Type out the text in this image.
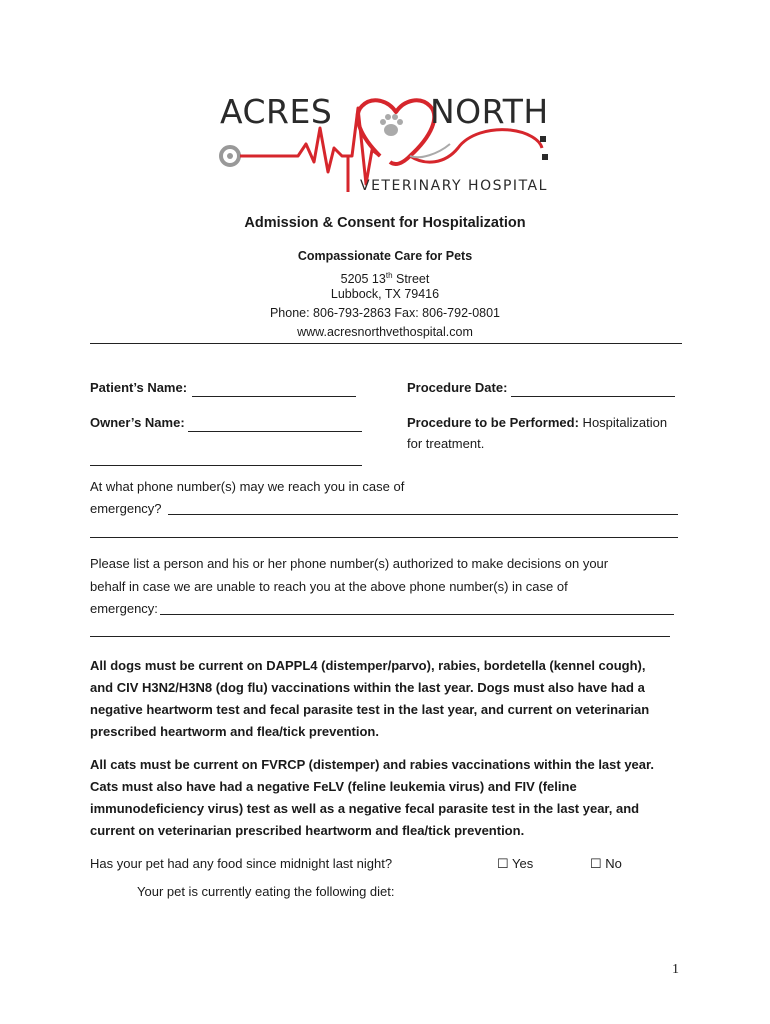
ACRES	NORTH
VETERINARY HOSPITAL
Admission & Consent for Hospitalization
Compassionate Care for Pets
5205 13th Street
Lubbock, TX 79416
Phone: 806-793-2863 Fax: 806-792-0801
www.acresnorthvethospital.com
Patient’s Name:	Procedure Date:
Owner’s Name:	Procedure to be Performed: Hospitalization
for treatment.
At what phone number(s) may we reach you in case of
emergency?
Please list a person and his or her phone number(s) authorized to make decisions on your
behalf in case we are unable to reach you at the above phone number(s) in case of
emergency:
All dogs must be current on DAPPL4 (distemper/parvo), rabies, bordetella (kennel cough),
and CIV H3N2/H3N8 (dog flu) vaccinations within the last year. Dogs must also have had a
negative heartworm test and fecal parasite test in the last year, and current on veterinarian
prescribed heartworm and flea/tick prevention.
All cats must be current on FVRCP (distemper) and rabies vaccinations within the last year.
Cats must also have had a negative FeLV (feline leukemia virus) and FIV (feline
immunodeficiency virus) test as well as a negative fecal parasite test in the last year, and
current on veterinarian prescribed heartworm and flea/tick prevention.
Has your pet had any food since midnight last night?	☐ Yes	☐ No
Your pet is currently eating the following diet:
1
